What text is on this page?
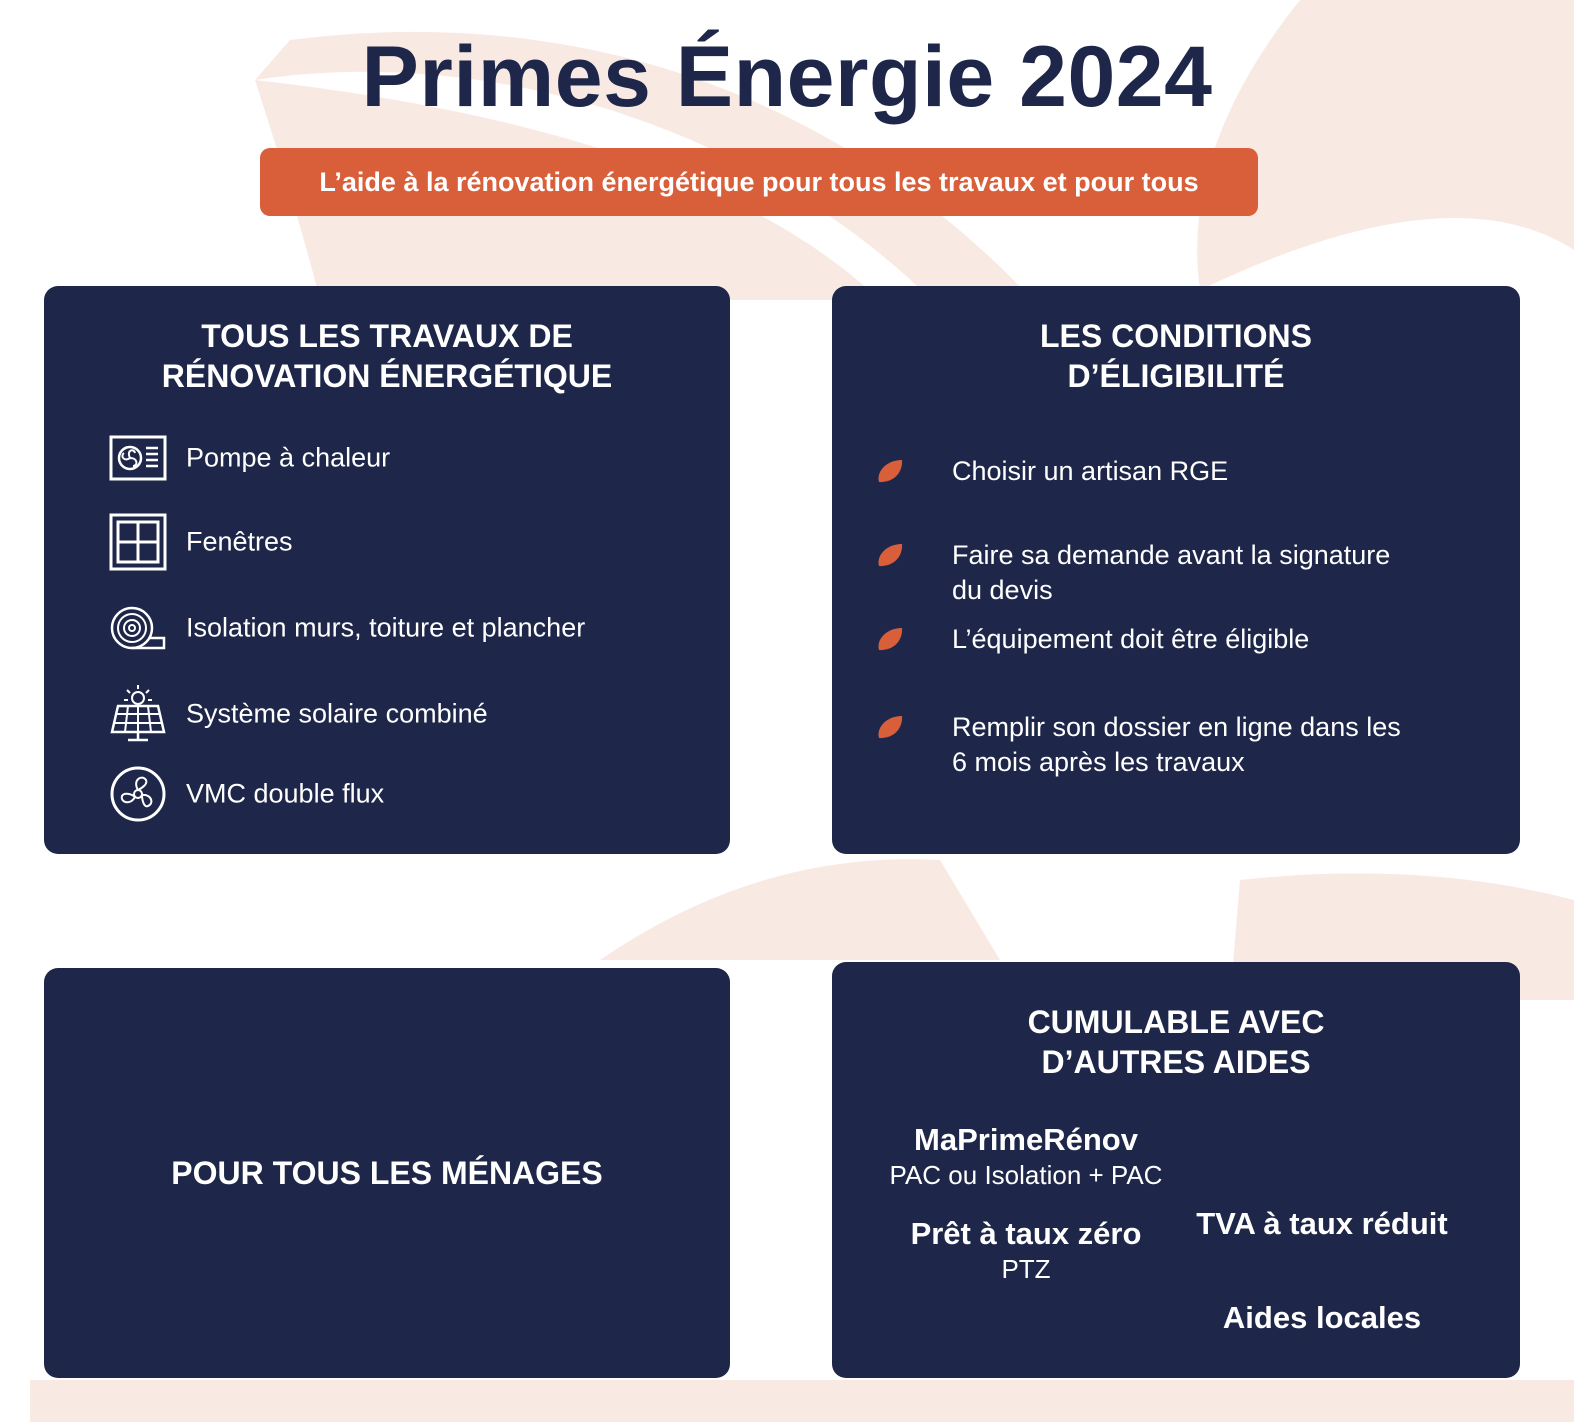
Primes Énergie 2024
L’aide à la rénovation énergétique pour tous les travaux et pour tous
TOUS LES TRAVAUX DE
RÉNOVATION ÉNERGÉTIQUE
Pompe à chaleur
Fenêtres
Isolation murs, toiture et plancher
Système solaire combiné
VMC double flux
LES CONDITIONS
D’ÉLIGIBILITÉ
Choisir un artisan RGE
Faire sa demande avant la signature
du devis
L’équipement doit être éligible
Remplir son dossier en ligne dans les
6 mois après les travaux
POUR TOUS LES MÉNAGES
CUMULABLE AVEC
D’AUTRES AIDES
MaPrimeRénov
PAC ou Isolation + PAC
TVA à taux réduit
Prêt à taux zéro
PTZ
Aides locales
